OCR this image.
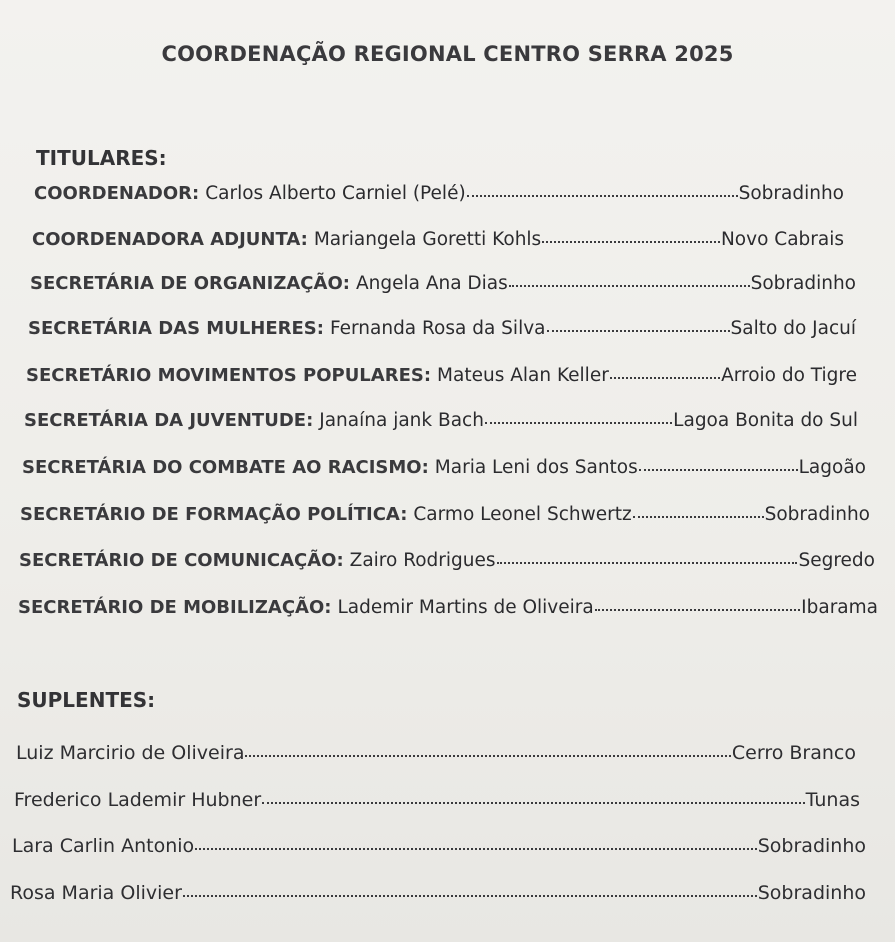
COORDENAÇÃO REGIONAL CENTRO SERRA 2025
TITULARES:
COORDENADOR: Carlos Alberto Carniel (Pelé)	Sobradinho
COORDENADORA ADJUNTA: Mariangela Goretti Kohls	Novo Cabrais
SECRETÁRIA DE ORGANIZAÇÃO: Angela Ana Dias	Sobradinho
SECRETÁRIA DAS MULHERES: Fernanda Rosa da Silva	Salto do Jacuí
SECRETÁRIO MOVIMENTOS POPULARES: Mateus Alan Keller	Arroio do Tigre
SECRETÁRIA DA JUVENTUDE: Janaína jank Bach	Lagoa Bonita do Sul
SECRETÁRIA DO COMBATE AO RACISMO: Maria Leni dos Santos	Lagoão
SECRETÁRIO DE FORMAÇÃO POLÍTICA: Carmo Leonel Schwertz	Sobradinho
SECRETÁRIO DE COMUNICAÇÃO: Zairo Rodrigues	Segredo
SECRETÁRIO DE MOBILIZAÇÃO: Lademir Martins de Oliveira	Ibarama
SUPLENTES:
Luiz Marcirio de Oliveira	Cerro Branco
Frederico Lademir Hubner	Tunas
Lara Carlin Antonio	Sobradinho
Rosa Maria Olivier	Sobradinho
